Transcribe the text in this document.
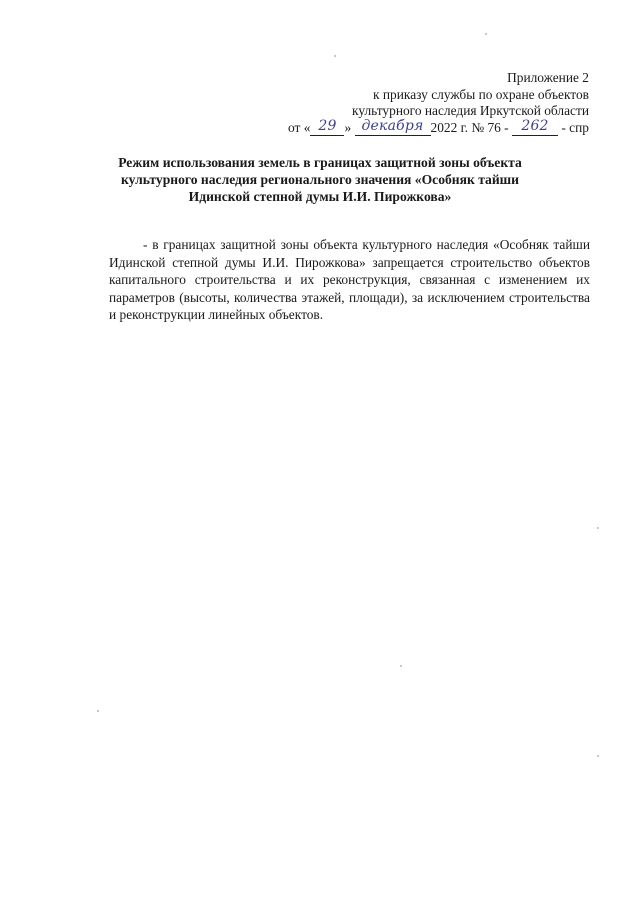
Приложение 2
к приказу службы по охране объектов
культурного наследия Иркутской области
от « 29 » декабря 2022 г. № 76 - 262 - спр
Режим использования земель в границах защитной зоны объекта
культурного наследия регионального значения «Особняк тайши
Идинской степной думы И.И. Пирожкова»
- в границах защитной зоны объекта культурного наследия «Особняк тайши Идинской степной думы И.И. Пирожкова» запрещается строительство объектов капитального строительства и их реконструкция, связанная с изменением их параметров (высоты, количества этажей, площади), за исключением строительства и реконструкции линейных объектов.
